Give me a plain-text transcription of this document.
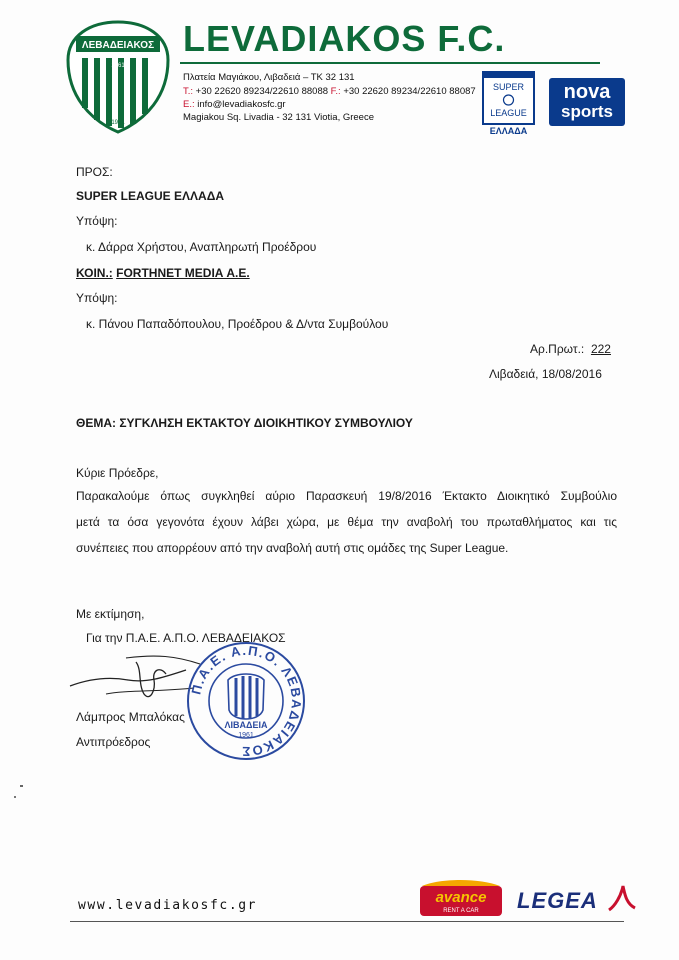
ΛΕΒΑΔΕΙΑΚΟΣ
1961
1961
LEVADIAKOS F.C.
Πλατεία Μαγιάκου, Λιβαδειά – ΤΚ 32 131
T.: +30 22620 89234/22610 88088 F.: +30 22620 89234/22610 88087
E.: info@levadiakosfc.gr
Magiakou Sq. Livadia - 32 131 Viotia, Greece
SUPER
LEAGUE
ΕΛΛΑΔΑ
nova
sports
ΠΡΟΣ:
SUPER LEAGUE ΕΛΛΑΔΑ
Υπόψη:
κ. Δάρρα Χρήστου, Αναπληρωτή Προέδρου
ΚΟΙΝ.: FORTHNET MEDIA Α.Ε.
Υπόψη:
κ. Πάνου Παπαδόπουλου, Προέδρου & Δ/ντα Συμβούλου
Αρ.Πρωτ.: 222
Λιβαδειά, 18/08/2016
ΘΕΜΑ: ΣΥΓΚΛΗΣΗ ΕΚΤΑΚΤΟΥ ΔΙΟΙΚΗΤΙΚΟΥ ΣΥΜΒΟΥΛΙΟΥ
Κύριε Πρόεδρε,
Παρακαλούμε όπως συγκληθεί αύριο Παρασκευή 19/8/2016 Έκτακτο Διοικητικό Συμβούλιο
μετά τα όσα γεγονότα έχουν λάβει χώρα, με θέμα την αναβολή του πρωταθλήματος και τις
συνέπειες που απορρέουν από την αναβολή αυτή στις ομάδες της Super League.
Με εκτίμηση,
Για την Π.Α.Ε. Α.Π.Ο. ΛΕΒΑΔΕΙΑΚΟΣ
Λάμπρος Μπαλόκας
Αντιπρόεδρος
Π.Α.Ε. Α.Π.Ο. ΛΕΒΑΔΕΙΑΚΟΣ
ΛΙΒΑΔΕΙΑ
1961
www.levadiakosfc.gr	avance
RENT A CAR LEGEA
